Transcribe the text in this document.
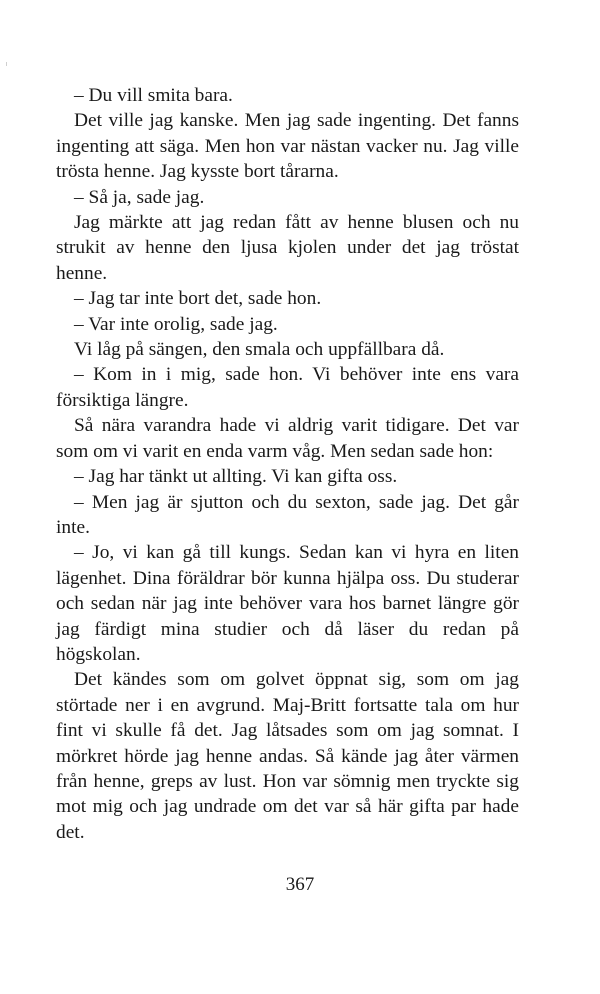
– Du vill smita bara.

Det ville jag kanske. Men jag sade ingenting. Det fanns ingenting att säga. Men hon var nästan vacker nu. Jag ville trösta henne. Jag kysste bort tårarna.

– Så ja, sade jag.

Jag märkte att jag redan fått av henne blusen och nu strukit av henne den ljusa kjolen under det jag tröstat henne.

– Jag tar inte bort det, sade hon.

– Var inte orolig, sade jag.

Vi låg på sängen, den smala och uppfällbara då.

– Kom in i mig, sade hon. Vi behöver inte ens vara försiktiga längre.

Så nära varandra hade vi aldrig varit tidigare. Det var som om vi varit en enda varm våg. Men sedan sade hon:

– Jag har tänkt ut allting. Vi kan gifta oss.

– Men jag är sjutton och du sexton, sade jag. Det går inte.

– Jo, vi kan gå till kungs. Sedan kan vi hyra en liten lägenhet. Dina föräldrar bör kunna hjälpa oss. Du studerar och sedan när jag inte behöver vara hos barnet längre gör jag färdigt mina studier och då läser du redan på högskolan.

Det kändes som om golvet öppnat sig, som om jag störtade ner i en avgrund. Maj-Britt fortsatte tala om hur fint vi skulle få det. Jag låtsades som om jag somnat. I mörkret hörde jag henne andas. Så kände jag åter värmen från henne, greps av lust. Hon var sömnig men tryckte sig mot mig och jag undrade om det var så här gifta par hade det.

367
